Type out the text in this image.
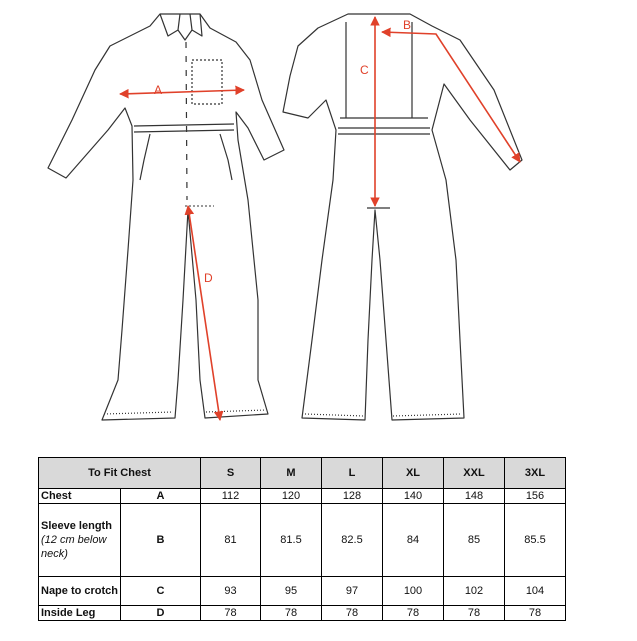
A
B
C
D
To Fit Chest		S	M	L	XL	XXL	3XL
Chest	A	112	120	128	140	148	156
Sleeve length (12 cm below neck)	B	81	81.5	82.5	84	85	85.5
Nape to crotch	C	93	95	97	100	102	104
Inside Leg	D	78	78	78	78	78	78
